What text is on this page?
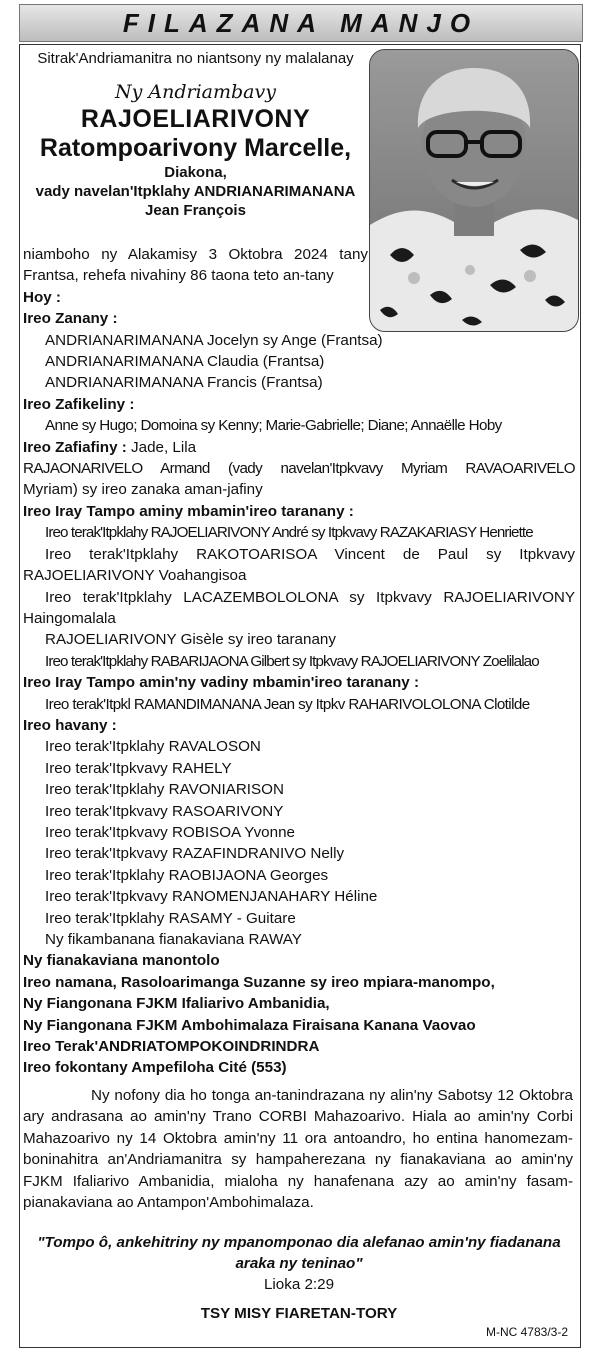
FILAZANA MANJO
Sitrak'Andriamanitra no niantsony ny malalanay
Ny Andriambavy
RAJOELIARIVONY
Ratompoarivony Marcelle,
Diakona,
vady navelan'Itpklahy ANDRIANARIMANANA
Jean François

niamboho ny Alakamisy 3 Oktobra 2024 tany

Frantsa, rehefa nivahiny 86 taona teto an-tany

Hoy :

Ireo Zanany :

ANDRIANARIMANANA Jocelyn sy Ange (Frantsa)

ANDRIANARIMANANA Claudia (Frantsa)

ANDRIANARIMANANA Francis (Frantsa)

Ireo Zafikeliny :

Anne sy Hugo; Domoina sy Kenny; Marie-Gabrielle; Diane; Annaëlle Hoby

Ireo Zafiafiny : Jade, Lila

RAJAONARIVELO Armand (vady navelan'Itpkvavy Myriam RAVAOARIVELO

Myriam) sy ireo zanaka aman-jafiny

Ireo Iray Tampo aminy mbamin'ireo taranany :

Ireo terak'Itpklahy RAJOELIARIVONY André sy Itpkvavy RAZAKARIASY Henriette

Ireo terak'Itpklahy RAKOTOARISOA Vincent de Paul sy Itpkvavy

RAJOELIARIVONY Voahangisoa

Ireo terak'Itpklahy LACAZEMBOLOLONA sy Itpkvavy RAJOELIARIVONY

Haingomalala

RAJOELIARIVONY Gisèle sy ireo taranany

Ireo terak'Itpklahy RABARIJAONA Gilbert sy Itpkvavy RAJOELIARIVONY Zoelilalao

Ireo Iray Tampo amin'ny vadiny mbamin'ireo taranany :

Ireo terak'Itpkl RAMANDIMANANA Jean sy Itpkv RAHARIVOLOLONA Clotilde

Ireo havany :

Ireo terak'Itpklahy RAVALOSON

Ireo terak'Itpkvavy RAHELY

Ireo terak'Itpklahy RAVONIARISON

Ireo terak'Itpkvavy RASOARIVONY

Ireo terak'Itpkvavy ROBISOA Yvonne

Ireo terak'Itpkvavy RAZAFINDRANIVO Nelly

Ireo terak'Itpklahy RAOBIJAONA Georges

Ireo terak'Itpkvavy RANOMENJANAHARY Héline

Ireo terak'Itpklahy RASAMY - Guitare

Ny fikambanana fianakaviana RAWAY

Ny fianakaviana manontolo

Ireo namana, Rasoloarimanga Suzanne sy ireo mpiara-manompo,

Ny Fiangonana FJKM Ifaliarivo Ambanidia,

Ny Fiangonana FJKM Ambohimalaza Firaisana Kanana Vaovao

Ireo Terak'ANDRIATOMPOKOINDRINDRA

Ireo fokontany Ampefiloha Cité (553)

Ny nofony dia ho tonga an-tanindrazana ny alin'ny Sabotsy 12 Oktobra ary andrasana ao amin'ny Trano CORBI Mahazoarivo. Hiala ao amin'ny Corbi Mahazoarivo ny 14 Oktobra amin'ny 11 ora antoandro, ho entina hanomezam-boninahitra an'Andriamanitra sy hampaherezana ny fianakaviana ao amin'ny FJKM Ifaliarivo Ambanidia, mialoha ny hanafenana azy ao amin'ny fasam-pianakaviana ao Antampon'Ambohimalaza.

"Tompo ô, ankehitriny ny mpanomponao dia alefanao amin'ny fiadanana
araka ny teninao"
Lioka 2:29
TSY MISY FIARETAN-TORY
M-NC 4783/3-2
